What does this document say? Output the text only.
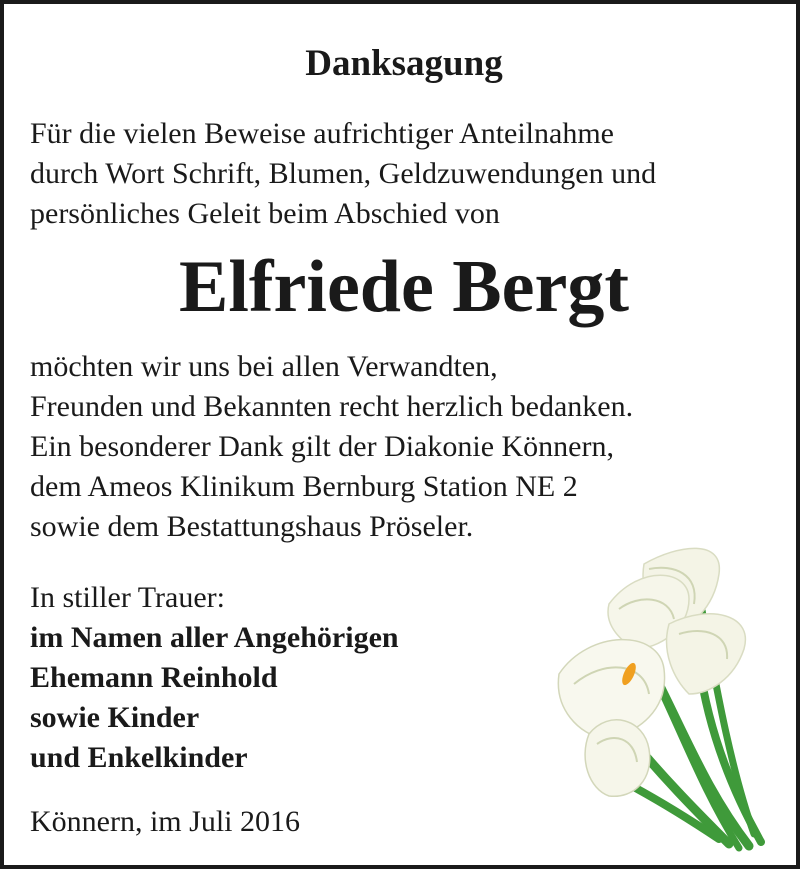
Danksagung
Für die vielen Beweise aufrichtiger Anteilnahme
durch Wort Schrift, Blumen, Geldzuwendungen und
persönliches Geleit beim Abschied von
Elfriede Bergt
möchten wir uns bei allen Verwandten,
Freunden und Bekannten recht herzlich bedanken.
Ein besonderer Dank gilt der Diakonie Könnern,
dem Ameos Klinikum Bernburg Station NE 2
sowie dem Bestattungshaus Pröseler.
In stiller Trauer:
im Namen aller Angehörigen
Ehemann Reinhold
sowie Kinder
und Enkelkinder
Könnern, im Juli 2016
